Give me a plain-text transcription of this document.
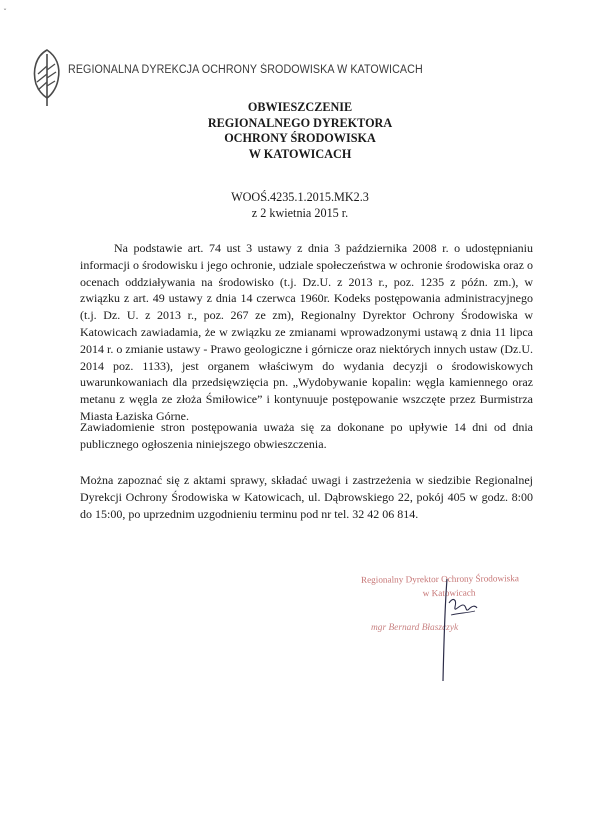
ˇ
REGIONALNA DYREKCJA OCHRONY ŚRODOWISKA W KATOWICACH
OBWIESZCZENIE
REGIONALNEGO DYREKTORA
OCHRONY ŚRODOWISKA
W KATOWICACH
WOOŚ.4235.1.2015.MK2.3
z 2 kwietnia 2015 r.
Na podstawie art. 74 ust 3 ustawy z dnia 3 października 2008 r. o udostępnianiu informacji o środowisku i jego ochronie, udziale społeczeństwa w ochronie środowiska oraz o ocenach oddziaływania na środowisko (t.j. Dz.U. z 2013 r., poz. 1235 z późn. zm.), w związku z art. 49 ustawy z dnia 14 czerwca 1960r. Kodeks postępowania administracyjnego (t.j. Dz. U. z 2013 r., poz. 267 ze zm), Regionalny Dyrektor Ochrony Środowiska w Katowicach zawiadamia, że w związku ze zmianami wprowadzonymi ustawą z dnia 11 lipca 2014 r. o zmianie ustawy - Prawo geologiczne i górnicze oraz niektórych innych ustaw (Dz.U. 2014 poz. 1133), jest organem właściwym do wydania decyzji o środowiskowych uwarunkowaniach dla przedsięwzięcia pn. „Wydobywanie kopalin: węgla kamiennego oraz metanu z węgla ze złoża Śmiłowice” i kontynuuje postępowanie wszczęte przez Burmistrza Miasta Łaziska Górne.
Zawiadomienie stron postępowania uważa się za dokonane po upływie 14 dni od dnia publicznego ogłoszenia niniejszego obwieszczenia.
Można zapoznać się z aktami sprawy, składać uwagi i zastrzeżenia w siedzibie Regionalnej Dyrekcji Ochrony Środowiska w Katowicach, ul. Dąbrowskiego 22, pokój 405 w godz. 8:00 do 15:00, po uprzednim uzgodnieniu terminu pod nr tel. 32 42 06 814.
Regionalny Dyrektor Ochrony Środowiska

w Katowicach
mgr Bernard Błaszczyk
